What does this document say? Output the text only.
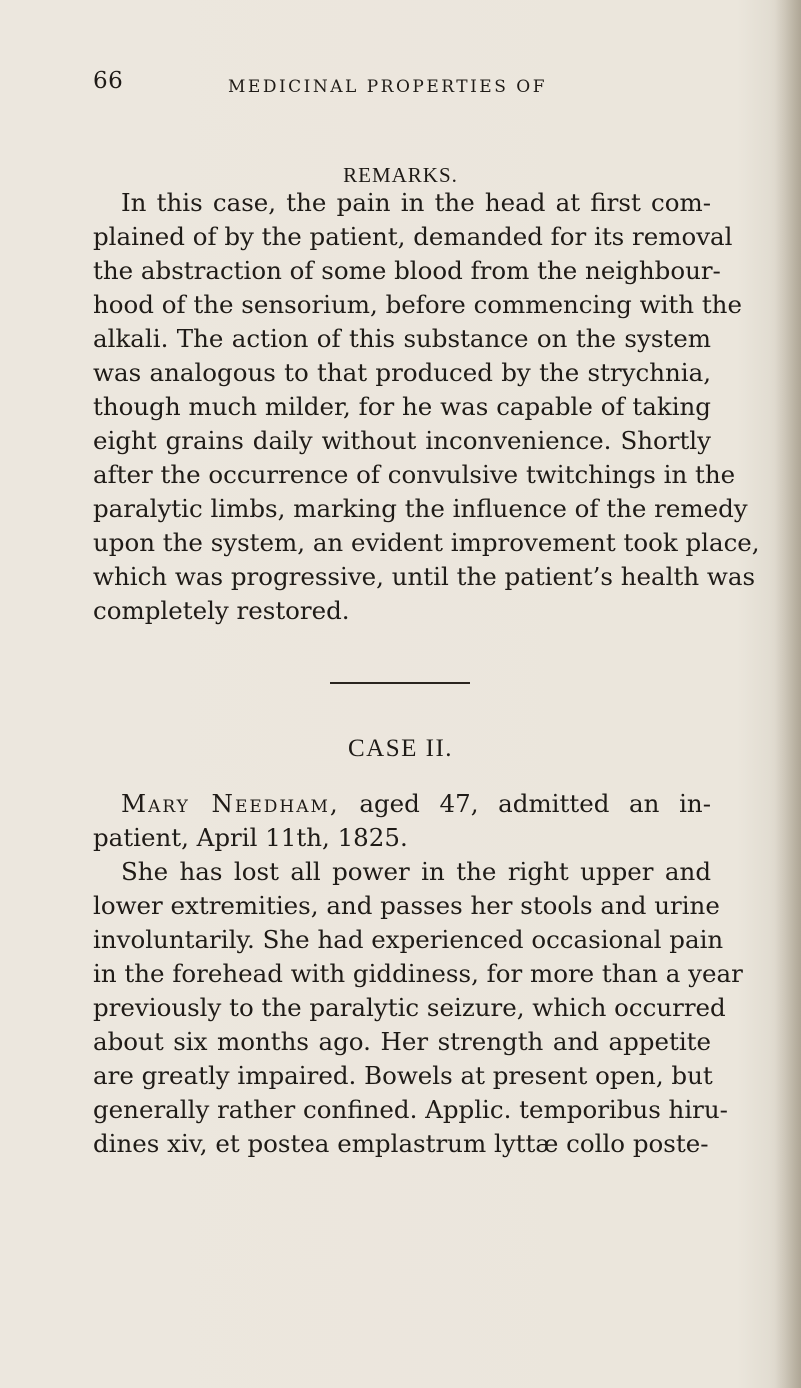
66	MEDICINAL PROPERTIES OF
REMARKS.
In this case, the pain in the head at first com-
plained of by the patient, demanded for its removal
the abstraction of some blood from the neighbour-
hood of the sensorium, before commencing with the
alkali. The action of this substance on the system
was analogous to that produced by the strychnia,
though much milder, for he was capable of taking
eight grains daily without inconvenience. Shortly
after the occurrence of convulsive twitchings in the
paralytic limbs, marking the influence of the remedy
upon the system, an evident improvement took place,
which was progressive, until the patient’s health was
completely restored.
CASE II.
Mary Needham, aged 47, admitted an in-
patient, April 11th, 1825.
She has lost all power in the right upper and
lower extremities, and passes her stools and urine
involuntarily. She had experienced occasional pain
in the forehead with giddiness, for more than a year
previously to the paralytic seizure, which occurred
about six months ago. Her strength and appetite
are greatly impaired. Bowels at present open, but
generally rather confined. Applic. temporibus hiru-
dines xiv, et postea emplastrum lyttæ collo poste-
